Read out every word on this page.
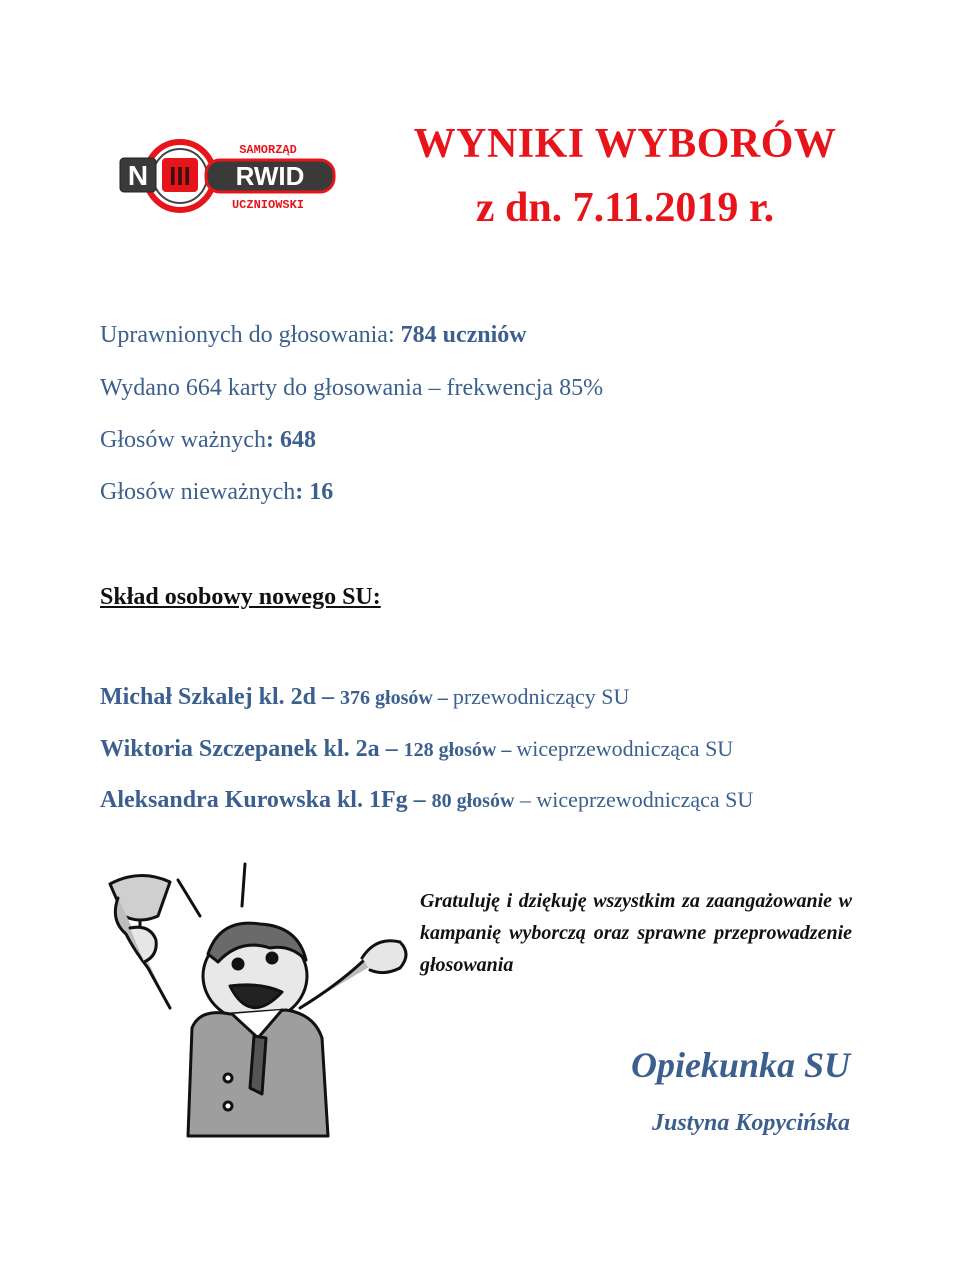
N III RWID
SAMORZĄD
UCZNIOWSKI
WYNIKI WYBORÓW
z dn. 7.11.2019 r.
Uprawnionych do głosowania: 784 uczniów
Wydano 664 karty do głosowania – frekwencja 85%
Głosów ważnych: 648
Głosów nieważnych: 16
Skład osobowy nowego SU:
Michał Szkalej kl. 2d – 376 głosów – przewodniczący SU
Wiktoria Szczepanek kl. 2a – 128 głosów – wiceprzewodnicząca SU
Aleksandra Kurowska kl. 1Fg – 80 głosów – wiceprzewodnicząca SU
Gratuluję i dziękuję wszystkim za zaangażowanie w kampanię wyborczą oraz sprawne przeprowadzenie głosowania
Opiekunka SU
Justyna Kopycińska
